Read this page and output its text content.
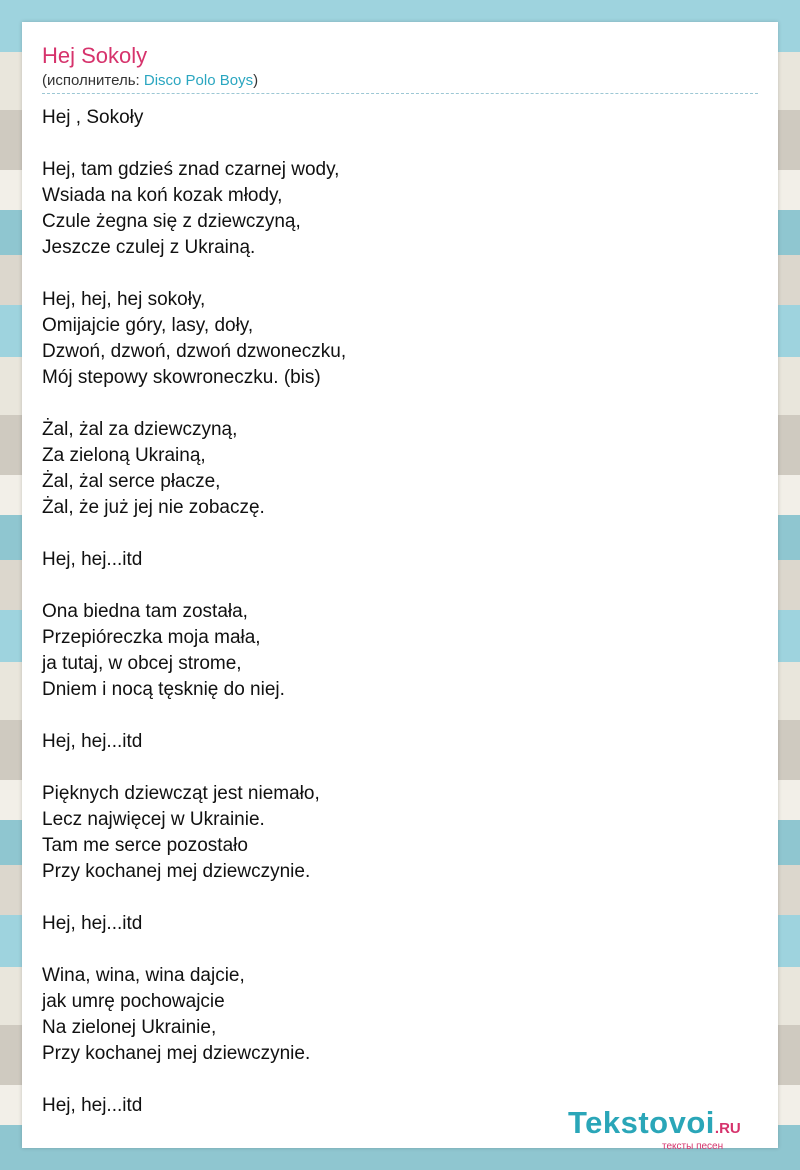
Hej Sokoly
(исполнитель: Disco Polo Boys)
Hej , Sokoły
Hej, tam gdzieś znad czarnej wody,
Wsiada na koń kozak młody,
Czule żegna się z dziewczyną,
Jeszcze czulej z Ukrainą.
Hej, hej, hej sokoły,
Omijajcie góry, lasy, doły,
Dzwoń, dzwoń, dzwoń dzwoneczku,
Mój stepowy skowroneczku. (bis)
Żal, żal za dziewczyną,
Za zieloną Ukrainą,
Żal, żal serce płacze,
Żal, że już jej nie zobaczę.
Hej, hej...itd
Ona biedna tam została,
Przepióreczka moja mała,
ja tutaj, w obcej strome,
Dniem i nocą tęsknię do niej.
Hej, hej...itd
Pięknych dziewcząt jest niemało,
Lecz najwięcej w Ukrainie.
Tam me serce pozostało
Przy kochanej mej dziewczynie.
Hej, hej...itd
Wina, wina, wina dajcie,
jak umrę pochowajcie
Na zielonej Ukrainie,
Przy kochanej mej dziewczynie.
Hej, hej...itd	Tekstovoi.RU
тексты песен
